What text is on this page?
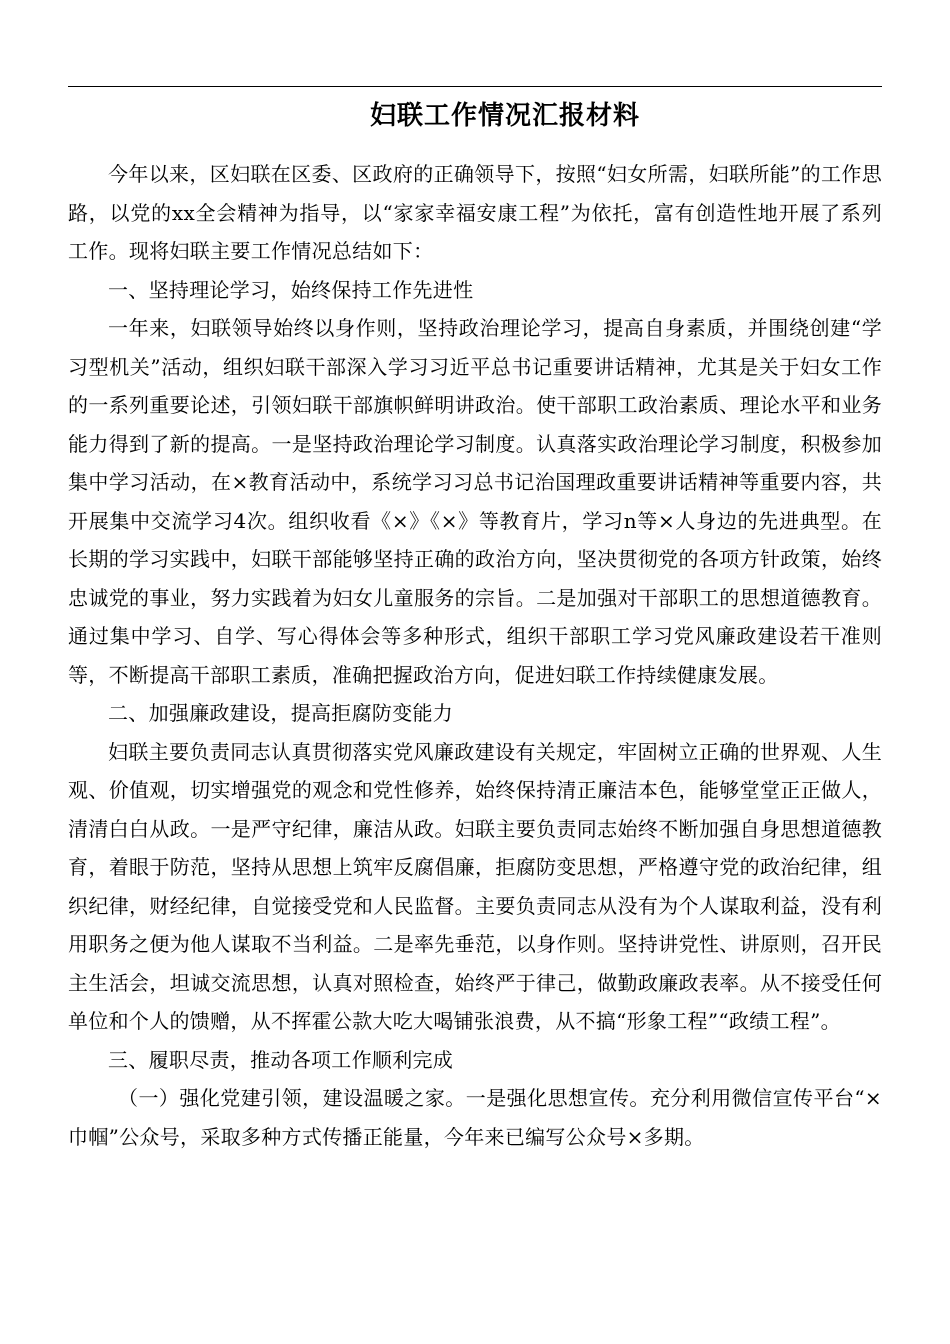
妇联工作情况汇报材料

今年以来，区妇联在区委、区政府的正确领导下，按照“妇女所需，妇联所能”的工作思路，以党的xx全会精神为指导，以“家家幸福安康工程”为依托，富有创造性地开展了系列工作。现将妇联主要工作情况总结如下：

一、坚持理论学习，始终保持工作先进性

一年来，妇联领导始终以身作则，坚持政治理论学习，提高自身素质，并围绕创建“学习型机关”活动，组织妇联干部深入学习习近平总书记重要讲话精神，尤其是关于妇女工作的一系列重要论述，引领妇联干部旗帜鲜明讲政治。使干部职工政治素质、理论水平和业务能力得到了新的提高。一是坚持政治理论学习制度。认真落实政治理论学习制度，积极参加集中学习活动，在×教育活动中，系统学习习总书记治国理政重要讲话精神等重要内容，共开展集中交流学习4次。组织收看《×》《×》等教育片，学习n等×人身边的先进典型。在长期的学习实践中，妇联干部能够坚持正确的政治方向，坚决贯彻党的各项方针政策，始终忠诚党的事业，努力实践着为妇女儿童服务的宗旨。二是加强对干部职工的思想道德教育。通过集中学习、自学、写心得体会等多种形式，组织干部职工学习党风廉政建设若干准则等，不断提高干部职工素质，准确把握政治方向，促进妇联工作持续健康发展。

二、加强廉政建设，提高拒腐防变能力

妇联主要负责同志认真贯彻落实党风廉政建设有关规定，牢固树立正确的世界观、人生观、价值观，切实增强党的观念和党性修养，始终保持清正廉洁本色，能够堂堂正正做人，清清白白从政。一是严守纪律，廉洁从政。妇联主要负责同志始终不断加强自身思想道德教育，着眼于防范，坚持从思想上筑牢反腐倡廉，拒腐防变思想，严格遵守党的政治纪律，组织纪律，财经纪律，自觉接受党和人民监督。主要负责同志从没有为个人谋取利益，没有利用职务之便为他人谋取不当利益。二是率先垂范，以身作则。坚持讲党性、讲原则，召开民主生活会，坦诚交流思想，认真对照检查，始终严于律己，做勤政廉政表率。从不接受任何单位和个人的馈赠，从不挥霍公款大吃大喝铺张浪费，从不搞“形象工程”“政绩工程”。

三、履职尽责，推动各项工作顺利完成

（一）强化党建引领，建设温暖之家。一是强化思想宣传。充分利用微信宣传平台“×巾帼”公众号，采取多种方式传播正能量，今年来已编写公众号×多期。
